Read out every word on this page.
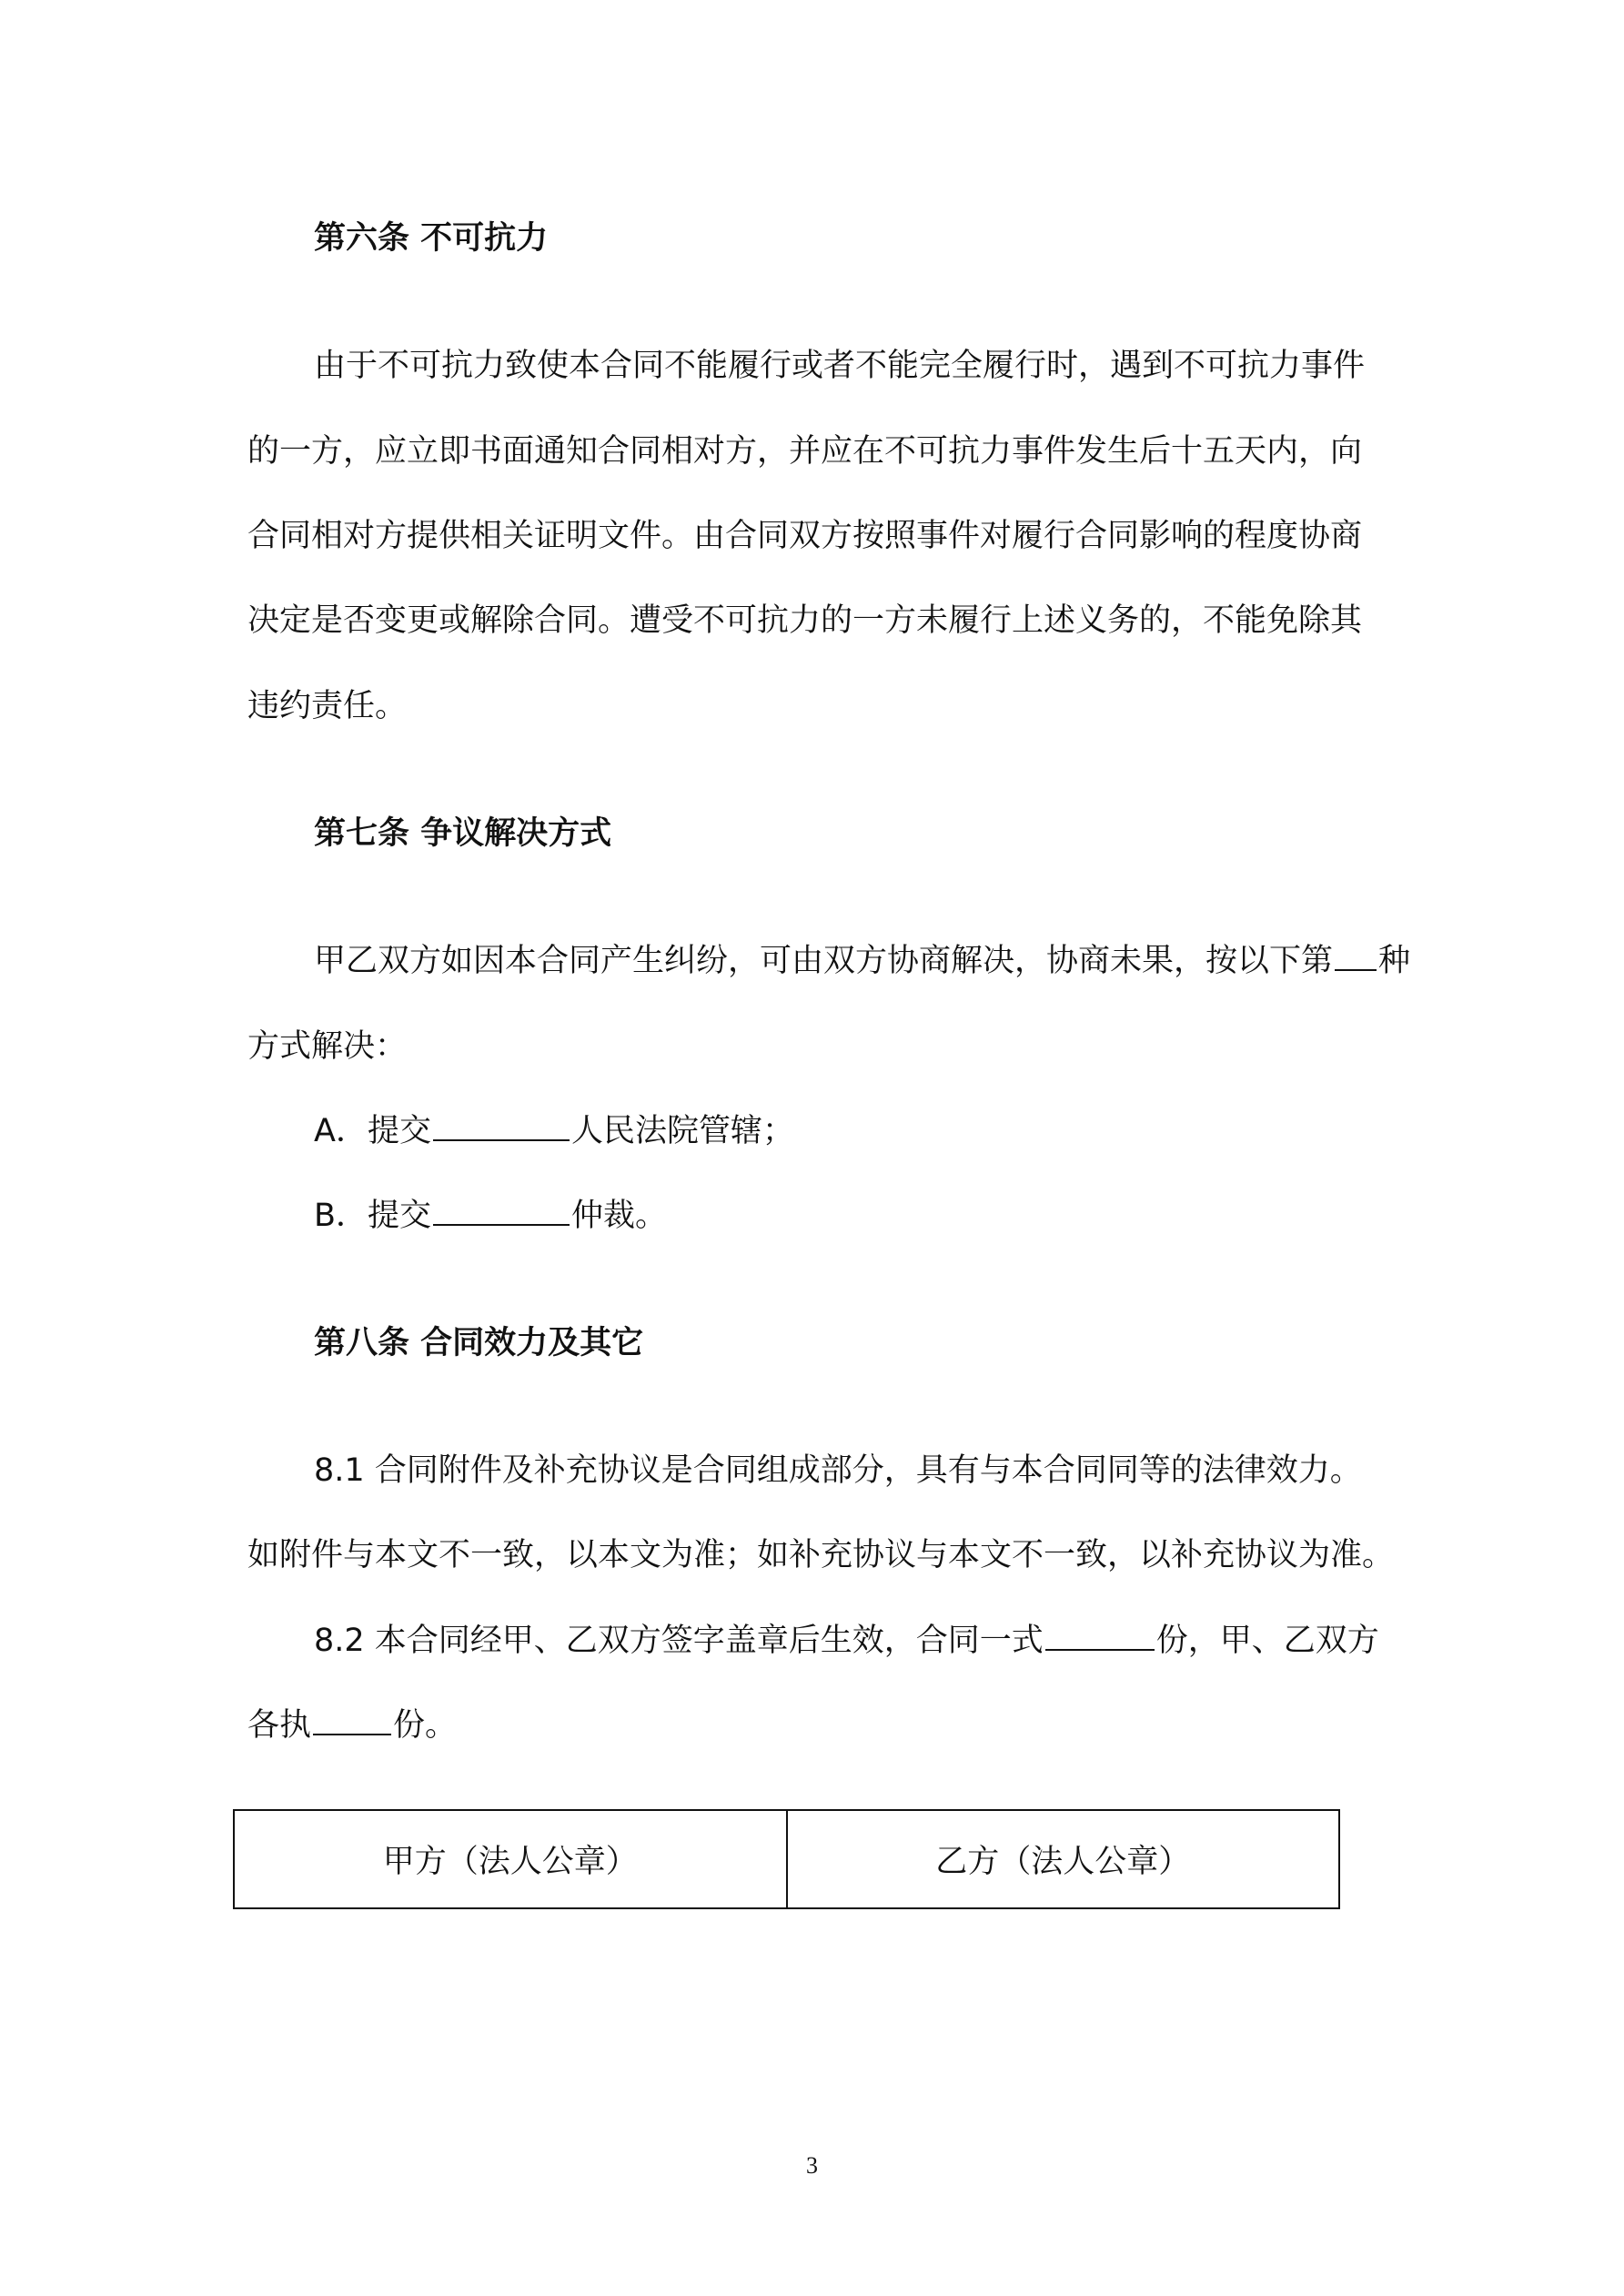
第六条 不可抗力
由于不可抗力致使本合同不能履行或者不能完全履行时，遇到不可抗力事件
的一方，应立即书面通知合同相对方，并应在不可抗力事件发生后十五天内，向
合同相对方提供相关证明文件。由合同双方按照事件对履行合同影响的程度协商
决定是否变更或解除合同。遭受不可抗力的一方未履行上述义务的，不能免除其
违约责任。
第七条 争议解决方式
甲乙双方如因本合同产生纠纷，可由双方协商解决，协商未果，按以下第 种
方式解决：
A．提交	人民法院管辖；
B．提交	仲裁。
第八条 合同效力及其它
8.1 合同附件及补充协议是合同组成部分，具有与本合同同等的法律效力。
如附件与本文不一致，以本文为准；如补充协议与本文不一致，以补充协议为准。
8.2 本合同经甲、乙双方签字盖章后生效，合同一式	份，甲、乙双方
各执	份。
甲方（法人公章）	乙方（法人公章）
3
